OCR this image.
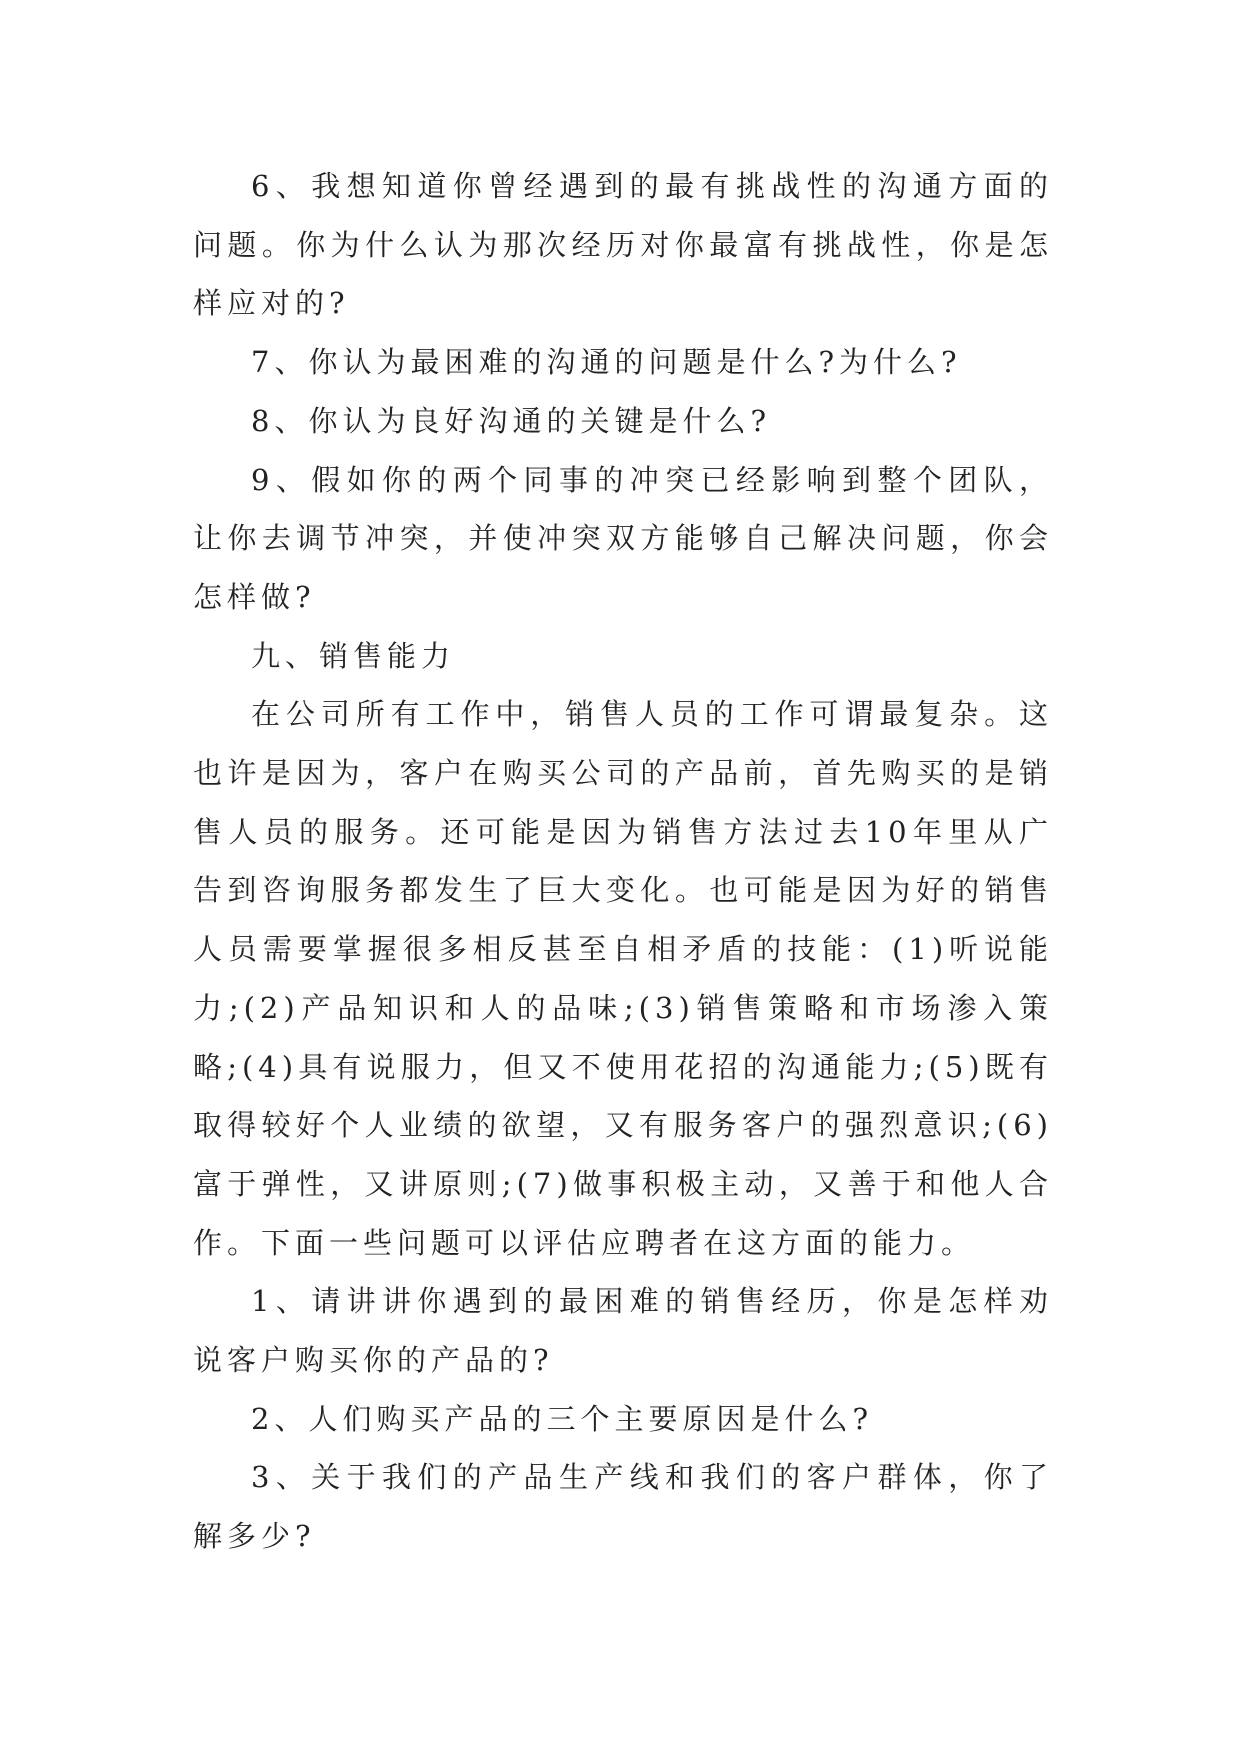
6、我想知道你曾经遇到的最有挑战性的沟通方面的问题。你为什么认为那次经历对你最富有挑战性，你是怎样应对的?

7、你认为最困难的沟通的问题是什么?为什么?

8、你认为良好沟通的关键是什么?

9、假如你的两个同事的冲突已经影响到整个团队，让你去调节冲突，并使冲突双方能够自己解决问题，你会怎样做?

九、销售能力

在公司所有工作中，销售人员的工作可谓最复杂。这也许是因为，客户在购买公司的产品前，首先购买的是销售人员的服务。还可能是因为销售方法过去10年里从广告到咨询服务都发生了巨大变化。也可能是因为好的销售人员需要掌握很多相反甚至自相矛盾的技能：(1)听说能力;(2)产品知识和人的品味;(3)销售策略和市场渗入策略;(4)具有说服力，但又不使用花招的沟通能力;(5)既有取得较好个人业绩的欲望，又有服务客户的强烈意识;(6)富于弹性，又讲原则;(7)做事积极主动，又善于和他人合作。下面一些问题可以评估应聘者在这方面的能力。

1、请讲讲你遇到的最困难的销售经历，你是怎样劝说客户购买你的产品的?

2、人们购买产品的三个主要原因是什么?

3、关于我们的产品生产线和我们的客户群体，你了解多少?
